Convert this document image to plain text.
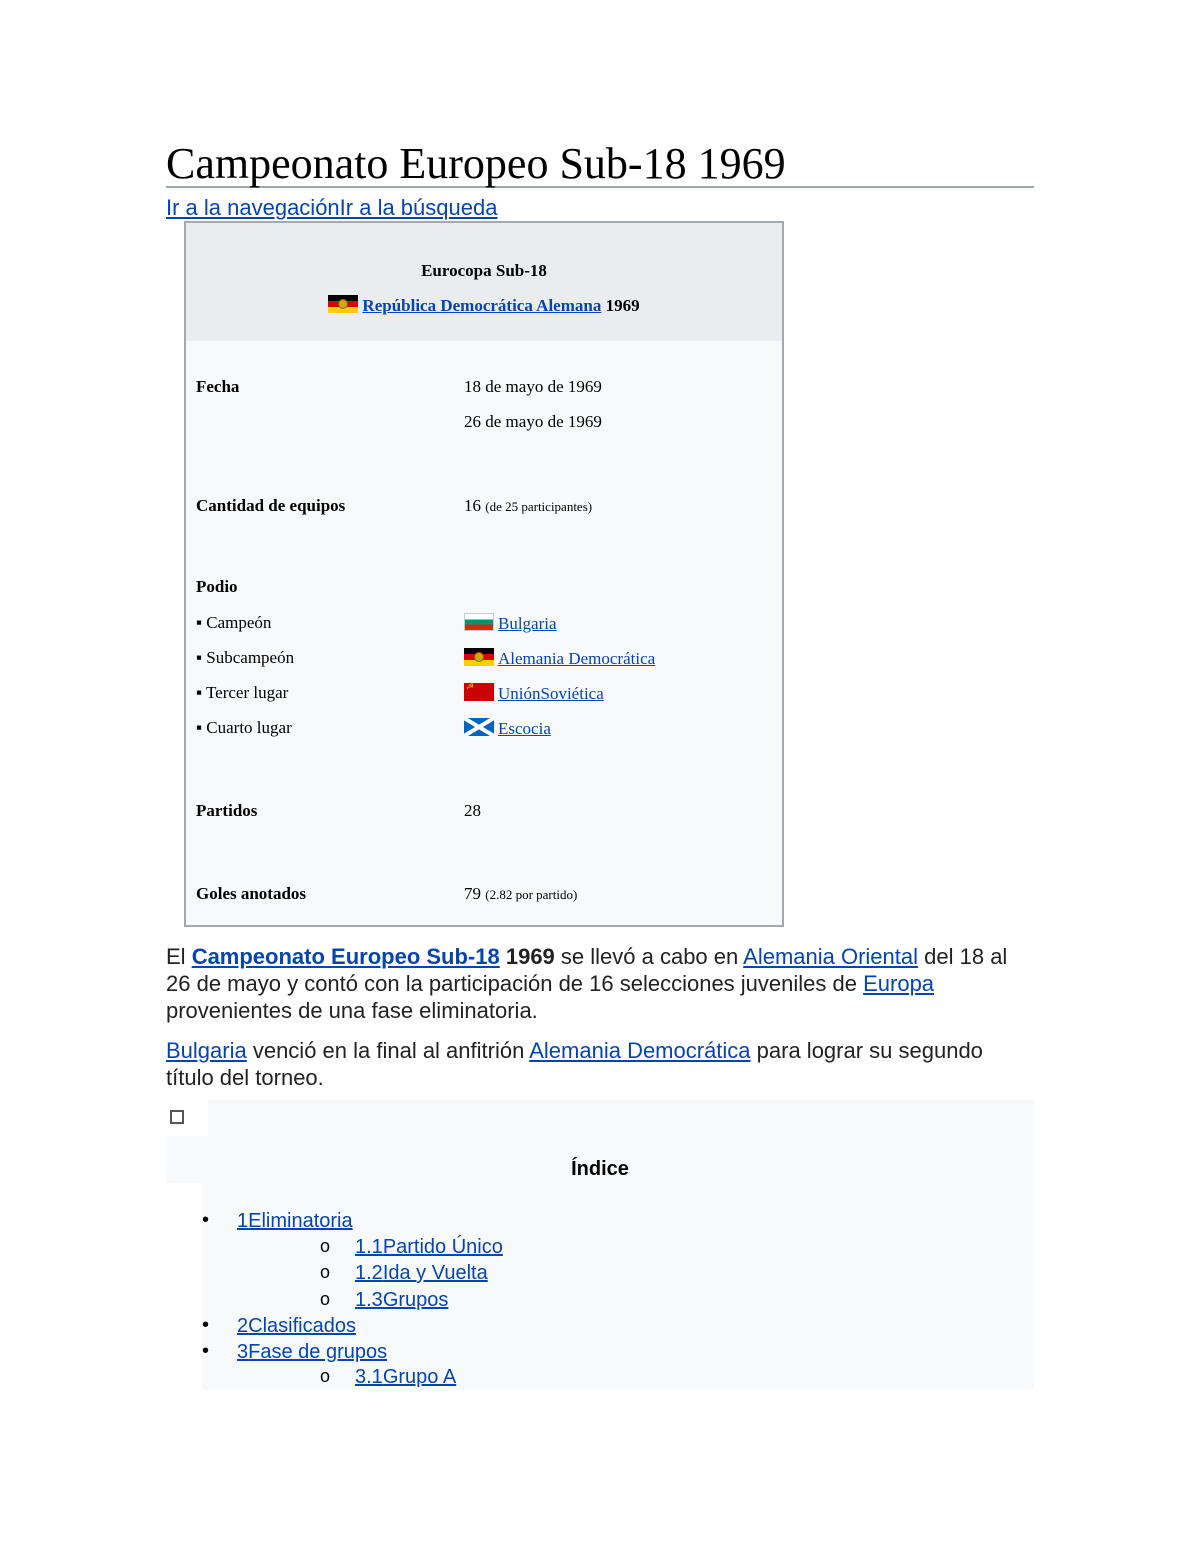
Campeonato Europeo Sub-18 1969
Ir a la navegaciónIr a la búsqueda
Eurocopa Sub-18
República Democrática Alemana 1969
Fecha	18 de mayo de 1969
26 de mayo de 1969
Cantidad de equipos	16 (de 25 participantes)
Podio
▪ Campeón	Bulgaria
▪ Subcampeón	Alemania Democrática
▪ Tercer lugar
☭	UniónSoviética
▪ Cuarto lugar	Escocia
Partidos	28
Goles anotados	79 (2.82 por partido)
El Campeonato Europeo Sub-18 1969 se llevó a cabo en Alemania Oriental del 18 al 26 de mayo y contó con la participación de 16 selecciones juveniles de Europa provenientes de una fase eliminatoria.
Bulgaria venció en la final al anfitrión Alemania Democrática para lograr su segundo título del torneo.
Índice
• 1Eliminatoria
o 1.1Partido Único
o 1.2Ida y Vuelta
o 1.3Grupos
• 2Clasificados
• 3Fase de grupos
o 3.1Grupo A
